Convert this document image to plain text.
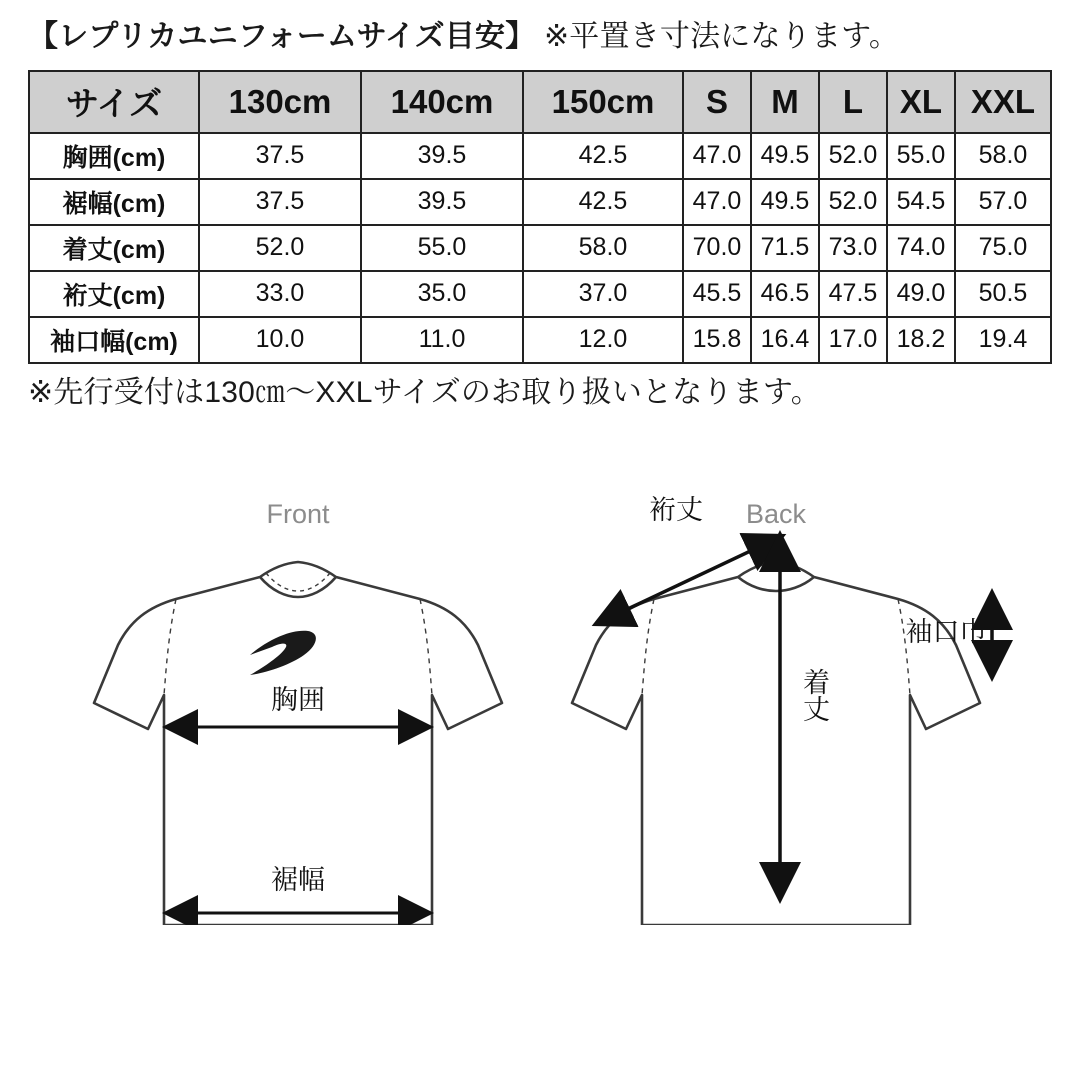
【レプリカユニフォームサイズ目安】 ※平置き寸法になります。

サイズ	130cm	140cm	150cm	S	M	L	XL	XXL
胸囲(cm)	37.5	39.5	42.5	47.0	49.5	52.0	55.0	58.0
裾幅(cm)	37.5	39.5	42.5	47.0	49.5	52.0	54.5	57.0
着丈(cm)	52.0	55.0	58.0	70.0	71.5	73.0	74.0	75.0
裄丈(cm)	33.0	35.0	37.0	45.5	46.5	47.5	49.0	50.5
袖口幅(cm)	10.0	11.0	12.0	15.8	16.4	17.0	18.2	19.4

※先行受付は130㎝〜XXLサイズのお取り扱いとなります。

Front
胸囲
裾幅
Back
裄丈
着丈
袖口巾
